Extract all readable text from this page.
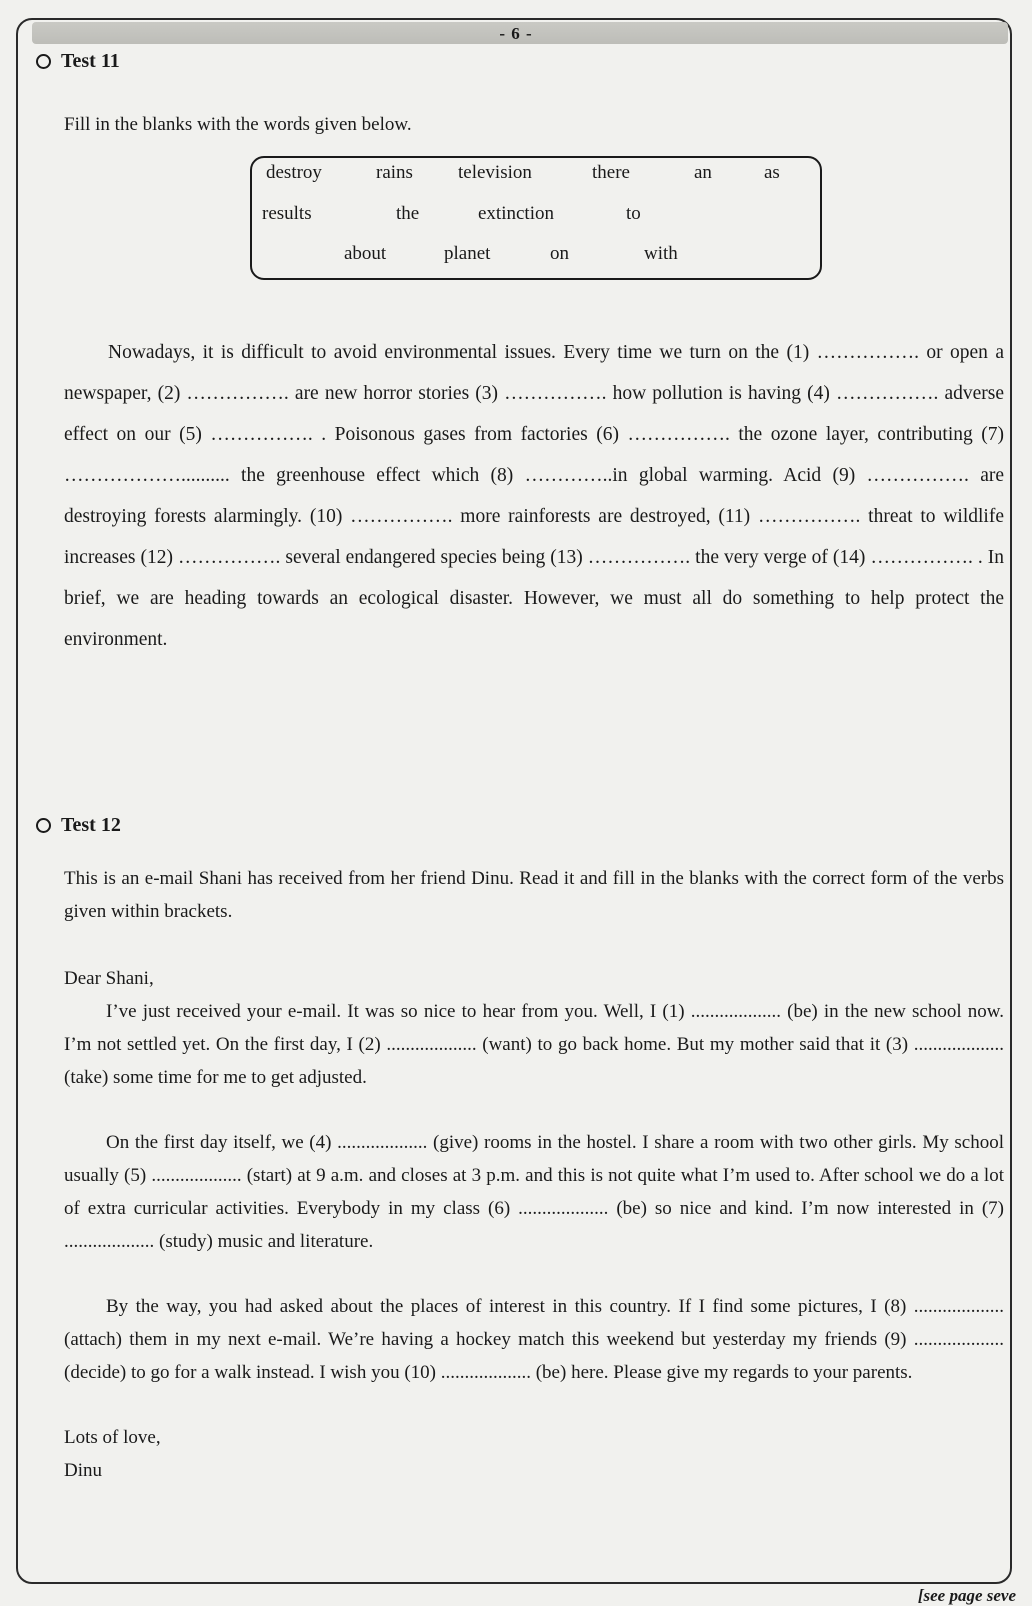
- 6 -
Test 11
Fill in the blanks with the words given below.
destroy	rains television	there	an	as
results	the	extinction	to
about	planet	on	with

Nowadays, it is difficult to avoid environmental issues. Every time we turn on the (1) ……………. or open a newspaper, (2) ……………. are new horror stories (3) ……………. how pollution is having (4) ……………. adverse effect on our (5) ……………. . Poisonous gases from factories (6) ……………. the ozone layer, contributing (7) ……………….......... the greenhouse effect which (8) …………..in global warming. Acid (9) ……………. are destroying forests alarmingly. (10) ……………. more rainforests are destroyed, (11) ……………. threat to wildlife increases (12) ……………. several endangered species being (13) ……………. the very verge of (14) ……………. . In brief, we are heading towards an ecological disaster. However, we must all do something to help protect the environment.

Test 12
This is an e-mail Shani has received from her friend Dinu. Read it and fill in the blanks with the correct form of the verbs given within brackets.

Dear Shani,

I’ve just received your e-mail. It was so nice to hear from you. Well, I (1) ................... (be) in the new school now. I’m not settled yet. On the first day, I (2) ................... (want) to go back home. But my mother said that it (3) ................... (take) some time for me to get adjusted.

On the first day itself, we (4) ................... (give) rooms in the hostel. I share a room with two other girls. My school usually (5) ................... (start) at 9 a.m. and closes at 3 p.m. and this is not quite what I’m used to. After school we do a lot of extra curricular activities. Everybody in my class (6) ................... (be) so nice and kind. I’m now interested in (7) ................... (study) music and literature.

By the way, you had asked about the places of interest in this country. If I find some pictures, I (8) ................... (attach) them in my next e-mail. We’re having a hockey match this weekend but yesterday my friends (9) ................... (decide) to go for a walk instead. I wish you (10) ................... (be) here. Please give my regards to your parents.

Lots of love,

Dinu

[see page seve
